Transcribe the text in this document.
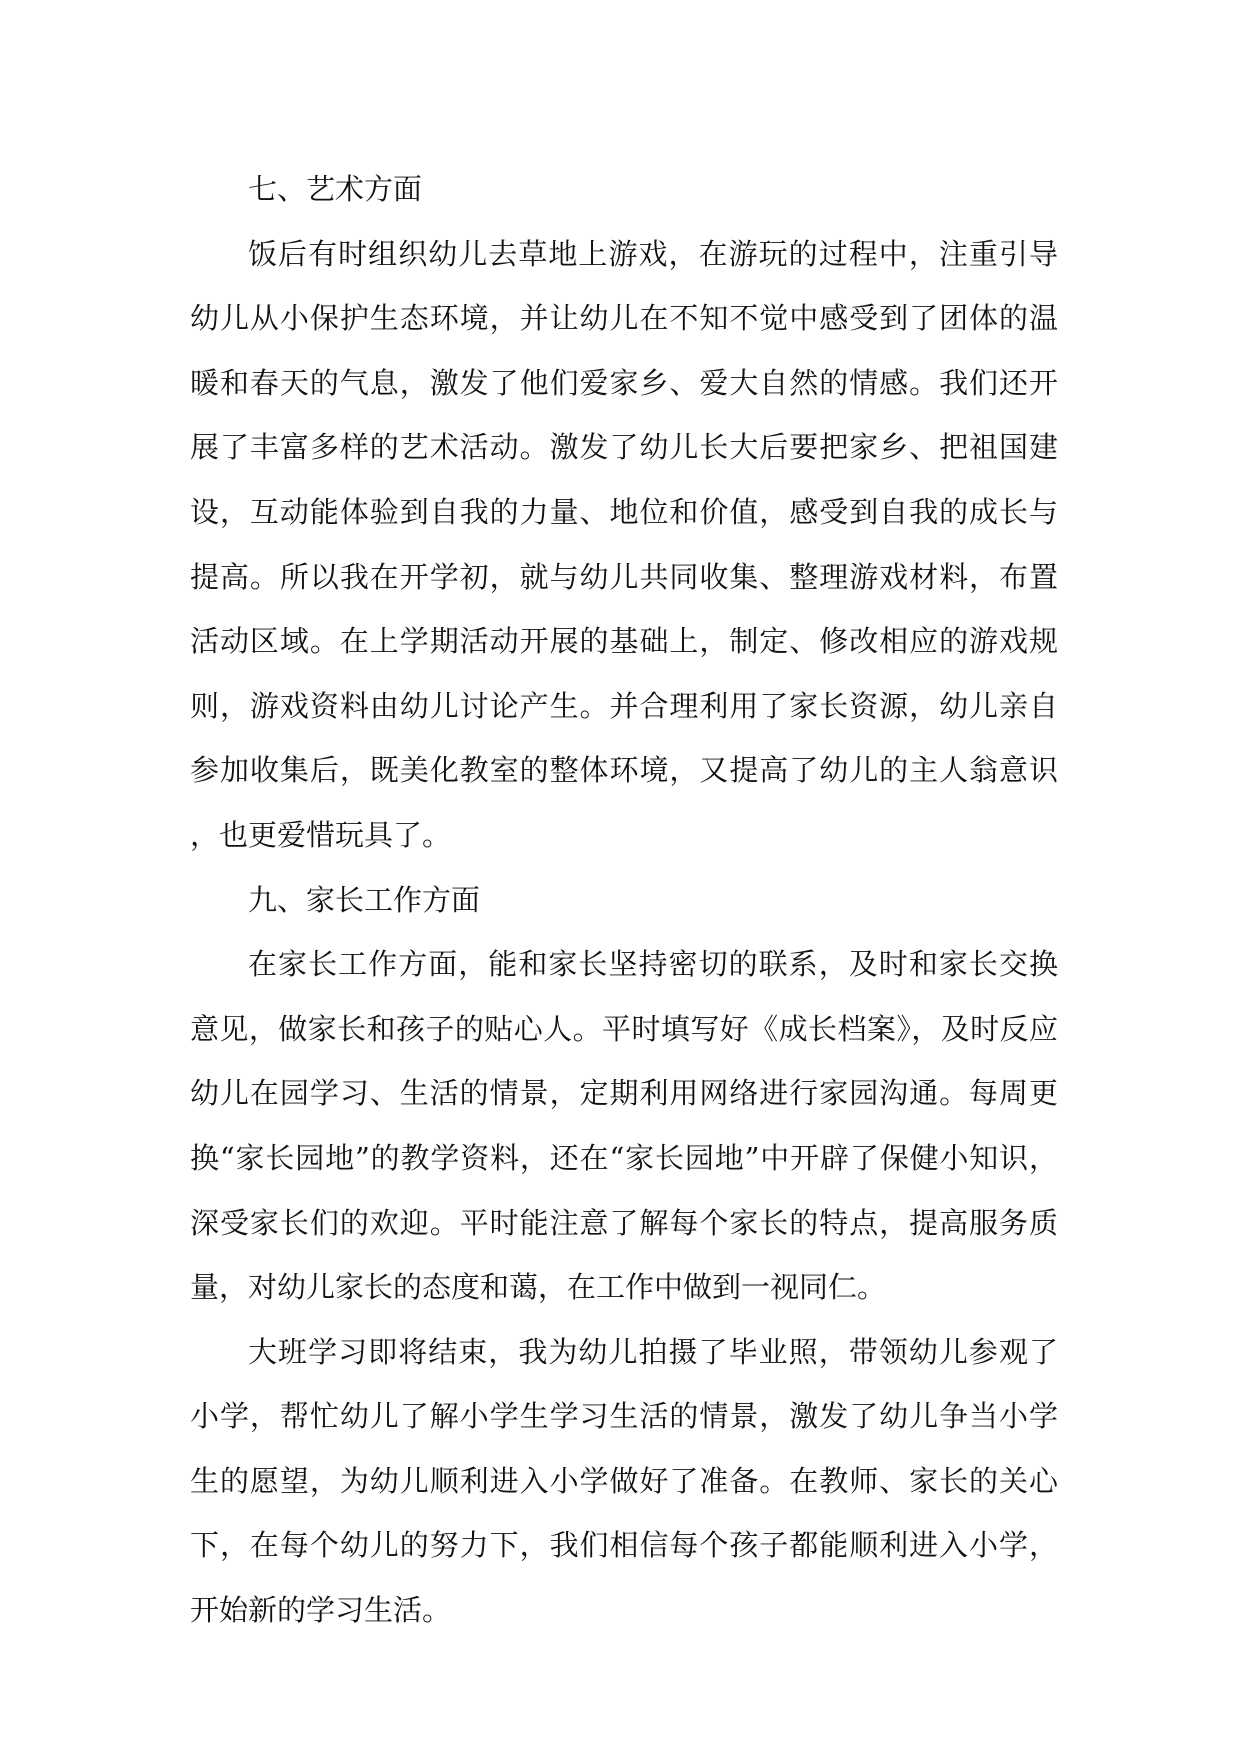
七、艺术方面

饭后有时组织幼儿去草地上游戏，在游玩的过程中，注重引导幼儿从小保护生态环境，并让幼儿在不知不觉中感受到了团体的温暖和春天的气息，激发了他们爱家乡、爱大自然的情感。我们还开展了丰富多样的艺术活动。激发了幼儿长大后要把家乡、把祖国建设，互动能体验到自我的力量、地位和价值，感受到自我的成长与提高。所以我在开学初，就与幼儿共同收集、整理游戏材料，布置活动区域。在上学期活动开展的基础上，制定、修改相应的游戏规则，游戏资料由幼儿讨论产生。并合理利用了家长资源，幼儿亲自参加收集后，既美化教室的整体环境，又提高了幼儿的主人翁意识，也更爱惜玩具了。

九、家长工作方面

在家长工作方面，能和家长坚持密切的联系，及时和家长交换意见，做家长和孩子的贴心人。平时填写好《成长档案》，及时反应幼儿在园学习、生活的情景，定期利用网络进行家园沟通。每周更换“家长园地”的教学资料，还在“家长园地”中开辟了保健小知识，深受家长们的欢迎。平时能注意了解每个家长的特点，提高服务质量，对幼儿家长的态度和蔼，在工作中做到一视同仁。

大班学习即将结束，我为幼儿拍摄了毕业照，带领幼儿参观了小学，帮忙幼儿了解小学生学习生活的情景，激发了幼儿争当小学生的愿望，为幼儿顺利进入小学做好了准备。在教师、家长的关心下，在每个幼儿的努力下，我们相信每个孩子都能顺利进入小学，开始新的学习生活。
